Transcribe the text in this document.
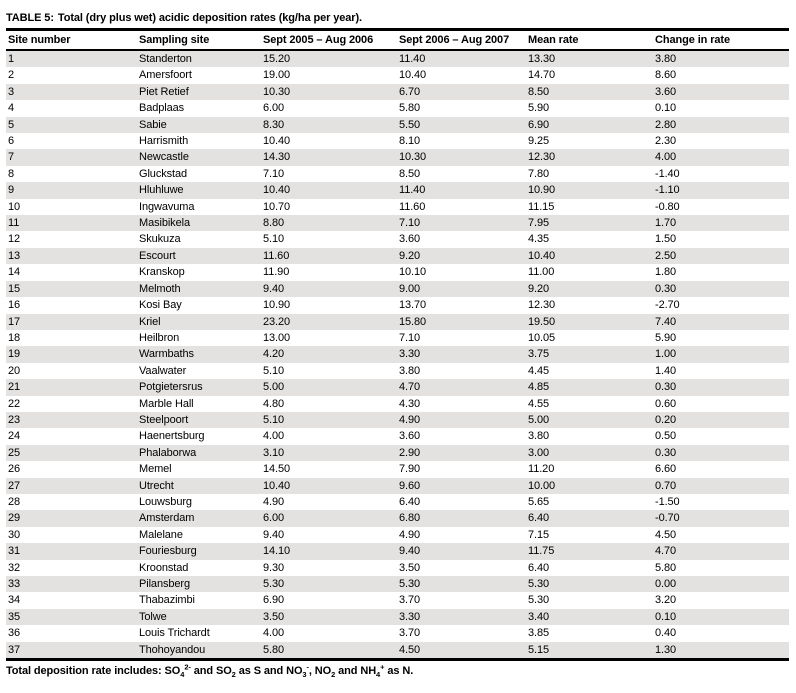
TABLE 5: Total (dry plus wet) acidic deposition rates (kg/ha per year).
Site number	Sampling site	Sept 2005 – Aug 2006	Sept 2006 – Aug 2007	Mean rate	Change in rate
1	Standerton	15.20	11.40	13.30	3.80
2	Amersfoort	19.00	10.40	14.70	8.60
3	Piet Retief	10.30	6.70	8.50	3.60
4	Badplaas	6.00	5.80	5.90	0.10
5	Sabie	8.30	5.50	6.90	2.80
6	Harrismith	10.40	8.10	9.25	2.30
7	Newcastle	14.30	10.30	12.30	4.00
8	Gluckstad	7.10	8.50	7.80	-1.40
9	Hluhluwe	10.40	11.40	10.90	-1.10
10	Ingwavuma	10.70	11.60	11.15	-0.80
11	Masibikela	8.80	7.10	7.95	1.70
12	Skukuza	5.10	3.60	4.35	1.50
13	Escourt	11.60	9.20	10.40	2.50
14	Kranskop	11.90	10.10	11.00	1.80
15	Melmoth	9.40	9.00	9.20	0.30
16	Kosi Bay	10.90	13.70	12.30	-2.70
17	Kriel	23.20	15.80	19.50	7.40
18	Heilbron	13.00	7.10	10.05	5.90
19	Warmbaths	4.20	3.30	3.75	1.00
20	Vaalwater	5.10	3.80	4.45	1.40
21	Potgietersrus	5.00	4.70	4.85	0.30
22	Marble Hall	4.80	4.30	4.55	0.60
23	Steelpoort	5.10	4.90	5.00	0.20
24	Haenertsburg	4.00	3.60	3.80	0.50
25	Phalaborwa	3.10	2.90	3.00	0.30
26	Memel	14.50	7.90	11.20	6.60
27	Utrecht	10.40	9.60	10.00	0.70
28	Louwsburg	4.90	6.40	5.65	-1.50
29	Amsterdam	6.00	6.80	6.40	-0.70
30	Malelane	9.40	4.90	7.15	4.50
31	Fouriesburg	14.10	9.40	11.75	4.70
32	Kroonstad	9.30	3.50	6.40	5.80
33	Pilansberg	5.30	5.30	5.30	0.00
34	Thabazimbi	6.90	3.70	5.30	3.20
35	Tolwe	3.50	3.30	3.40	0.10
36	Louis Trichardt	4.00	3.70	3.85	0.40
37	Thohoyandou	5.80	4.50	5.15	1.30
Total deposition rate includes: $SO_4^{2-}$ and $SO_2$ as S and $NO_3^-$, $NO_2$ and $NH_4^+$ as N.
